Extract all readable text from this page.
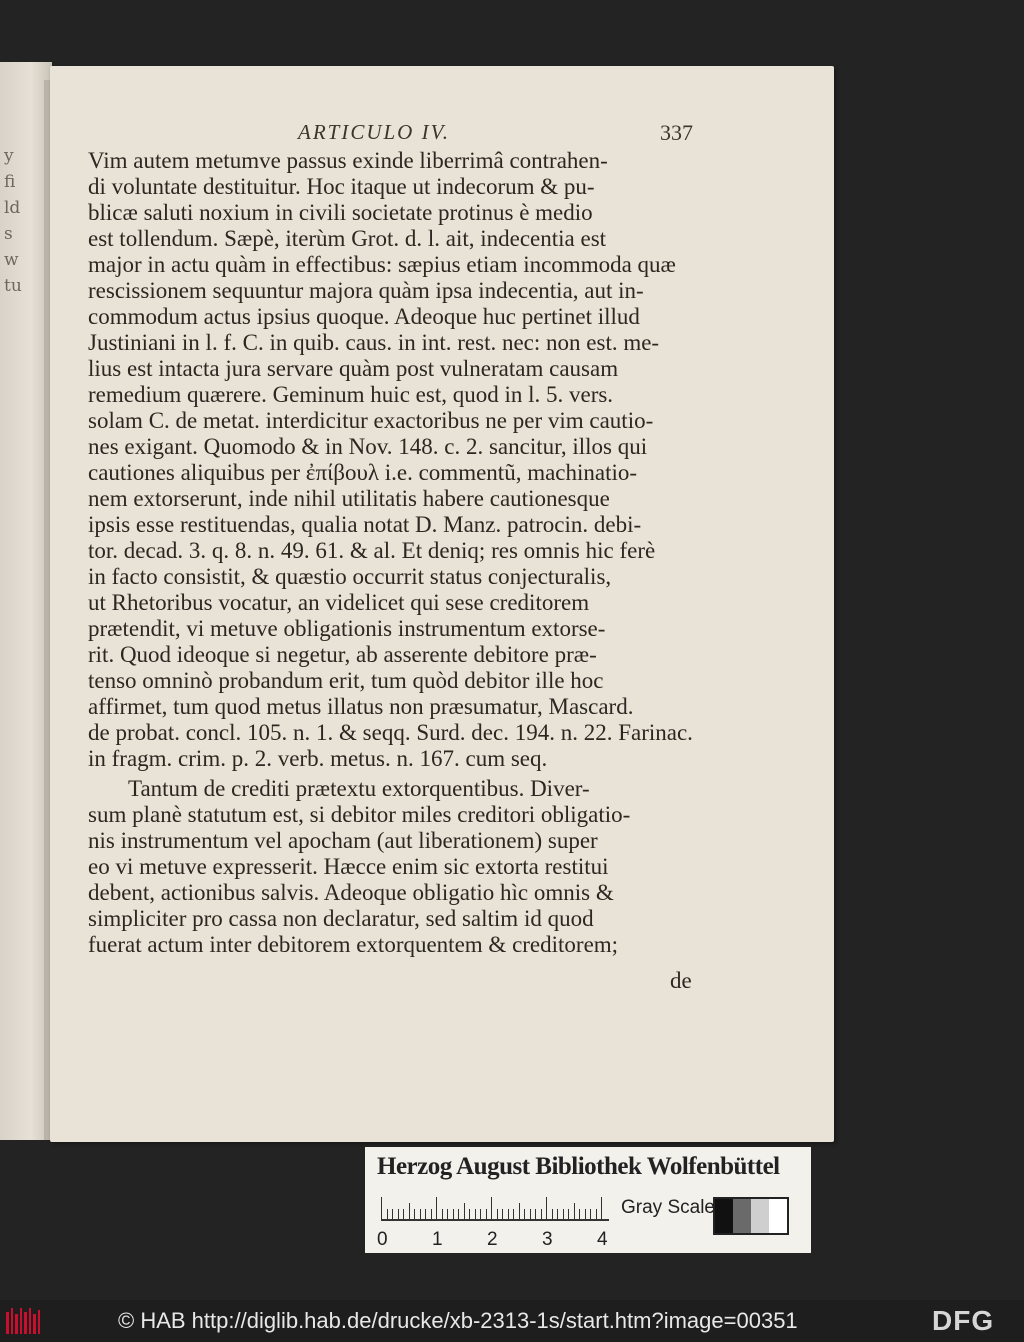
y
fi
ld
s
w
tu
ARTICULO IV.	337
Vim autem metumve passus exinde liberrimâ contrahen-
di voluntate destituitur. Hoc itaque ut indecorum & pu-
blicæ saluti noxium in civili societate protinus è medio
est tollendum. Sæpè, iterùm Grot. d. l. ait, indecentia est
major in actu quàm in effectibus: sæpius etiam incommoda quæ
rescissionem sequuntur majora quàm ipsa indecentia, aut in-
commodum actus ipsius quoque. Adeoque huc pertinet illud
Justiniani in l. f. C. in quib. caus. in int. rest. nec: non est. me-
lius est intacta jura servare quàm post vulneratam causam
remedium quærere. Geminum huic est, quod in l. 5. vers.
solam C. de metat. interdicitur exactoribus ne per vim cautio-
nes exigant. Quomodo & in Nov. 148. c. 2. sancitur, illos qui
cautiones aliquibus per ἐπίβουλ i.e. commentũ, machinatio-
nem extorserunt, inde nihil utilitatis habere cautionesque
ipsis esse restituendas, qualia notat D. Manz. patrocin. debi-
tor. decad. 3. q. 8. n. 49. 61. & al. Et deniq; res omnis hic ferè
in facto consistit, & quæstio occurrit status conjecturalis,
ut Rhetoribus vocatur, an videlicet qui sese creditorem
prætendit, vi metuve obligationis instrumentum extorse-
rit. Quod ideoque si negetur, ab asserente debitore præ-
tenso omninò probandum erit, tum quòd debitor ille hoc
affirmet, tum quod metus illatus non præsumatur, Mascard.
de probat. concl. 105. n. 1. & seqq. Surd. dec. 194. n. 22. Farinac.
in fragm. crim. p. 2. verb. metus. n. 167. cum seq.
Tantum de crediti prætextu extorquentibus. Diver-
sum planè statutum est, si debitor miles creditori obligatio-
nis instrumentum vel apocham (aut liberationem) super
eo vi metuve expresserit. Hæcce enim sic extorta restitui
debent, actionibus salvis. Adeoque obligatio hìc omnis &
simpliciter pro cassa non declaratur, sed saltim id quod
fuerat actum inter debitorem extorquentem & creditorem;
de
Herzog August Bibliothek Wolfenbüttel
0 1 2 3 4
Gray Scale
© HAB http://diglib.hab.de/drucke/xb-2313-1s/start.htm?image=00351	DFG
